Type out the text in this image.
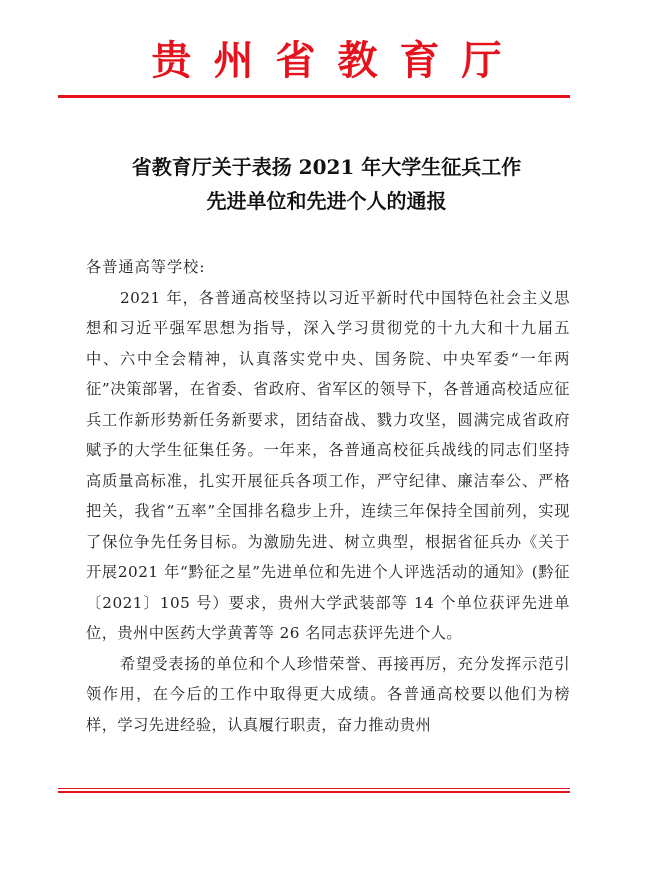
贵州省教育厅
省教育厅关于表扬 2021 年大学生征兵工作
先进单位和先进个人的通报
各普通高等学校:
2021 年，各普通高校坚持以习近平新时代中国特色社会主义思想和习近平强军思想为指导，深入学习贯彻党的十九大和十九届五中、六中全会精神，认真落实党中央、国务院、中央军委“一年两征”决策部署，在省委、省政府、省军区的领导下，各普通高校适应征兵工作新形势新任务新要求，团结奋战、戮力攻坚，圆满完成省政府赋予的大学生征集任务。一年来，各普通高校征兵战线的同志们坚持高质量高标准，扎实开展征兵各项工作，严守纪律、廉洁奉公、严格把关，我省“五率”全国排名稳步上升，连续三年保持全国前列，实现了保位争先任务目标。为激励先进、树立典型，根据省征兵办《关于开展2021 年“黔征之星”先进单位和先进个人评选活动的通知》(黔征〔2021〕105 号）要求，贵州大学武装部等 14 个单位获评先进单位，贵州中医药大学黄菁等 26 名同志获评先进个人。
希望受表扬的单位和个人珍惜荣誉、再接再厉，充分发挥示范引领作用，在今后的工作中取得更大成绩。各普通高校要以他们为榜样，学习先进经验，认真履行职责，奋力推动贵州
